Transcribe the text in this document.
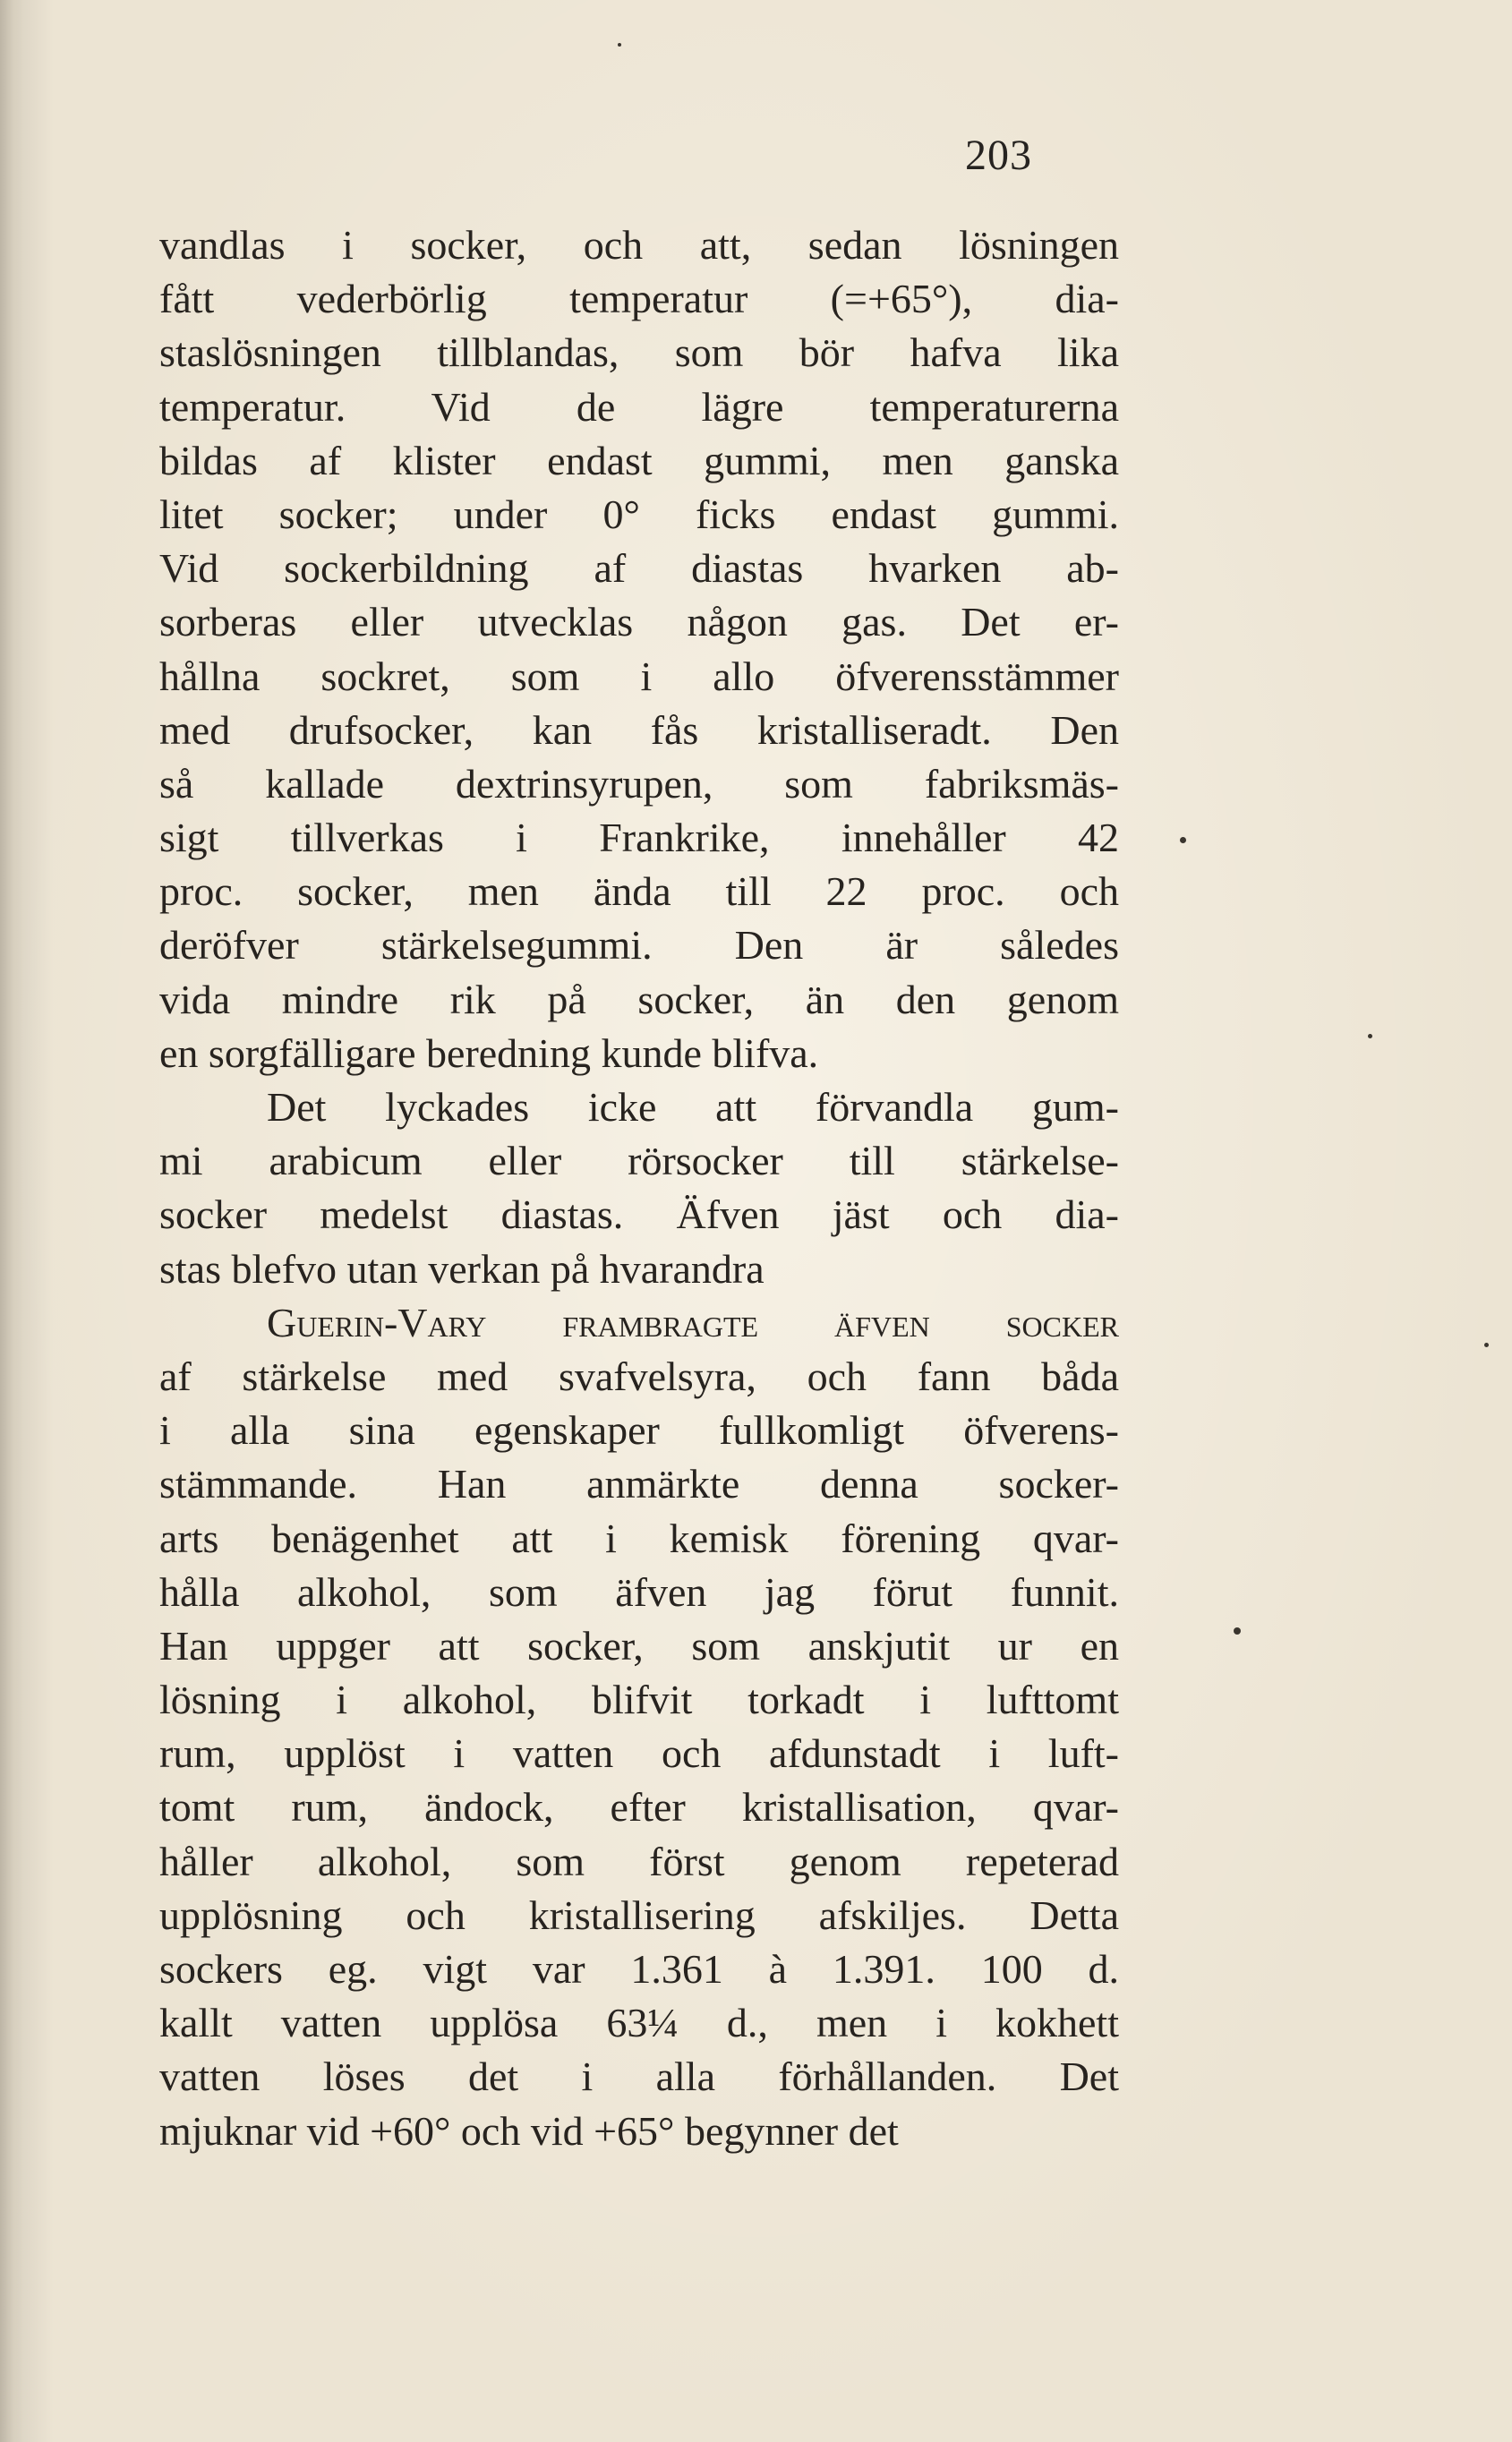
203
vandlas i socker, och att, sedan lösningen
fått vederbörlig temperatur (=+65°), dia-
staslösningen tillblandas, som bör hafva lika
temperatur. Vid de lägre temperaturerna
bildas af klister endast gummi, men ganska
litet socker; under 0° ficks endast gummi.
Vid sockerbildning af diastas hvarken ab-
sorberas eller utvecklas någon gas. Det er-
hållna sockret, som i allo öfverensstämmer
med drufsocker, kan fås kristalliseradt. Den
så kallade dextrinsyrupen, som fabriksmäs-
sigt tillverkas i Frankrike, innehåller 42
proc. socker, men ända till 22 proc. och
deröfver stärkelsegummi. Den är således
vida mindre rik på socker, än den genom
en sorgfälligare beredning kunde blifva.
Det lyckades icke att förvandla gum-
mi arabicum eller rörsocker till stärkelse-
socker medelst diastas. Äfven jäst och dia-
stas blefvo utan verkan på hvarandra
Guerin-Vary frambragte äfven socker
af stärkelse med svafvelsyra, och fann båda
i alla sina egenskaper fullkomligt öfverens-
stämmande. Han anmärkte denna socker-
arts benägenhet att i kemisk förening qvar-
hålla alkohol, som äfven jag förut funnit.
Han uppger att socker, som anskjutit ur en
lösning i alkohol, blifvit torkadt i lufttomt
rum, upplöst i vatten och afdunstadt i luft-
tomt rum, ändock, efter kristallisation, qvar-
håller alkohol, som först genom repeterad
upplösning och kristallisering afskiljes. Detta
sockers eg. vigt var 1.361 à 1.391. 100 d.
kallt vatten upplösa 63¼ d., men i kokhett
vatten löses det i alla förhållanden. Det
mjuknar vid +60° och vid +65° begynner det
